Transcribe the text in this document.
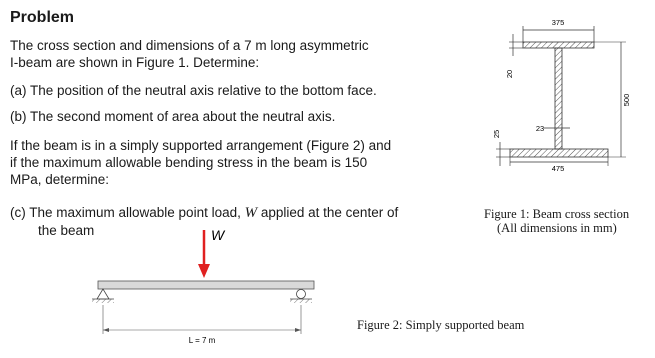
Problem
The cross section and dimensions of a 7 m long asymmetric
I-beam are shown in Figure 1. Determine:
(a) The position of the neutral axis relative to the bottom face.
(b) The second moment of area about the neutral axis.
If the beam is in a simply supported arrangement (Figure 2) and
if the maximum allowable bending stress in the beam is 150
MPa, determine:
(c) The maximum allowable point load, W applied at the center of
the beam
375
20
23
25
475
500
Figure 1: Beam cross section
(All dimensions in mm)
W
L = 7 m
Figure 2: Simply supported beam
